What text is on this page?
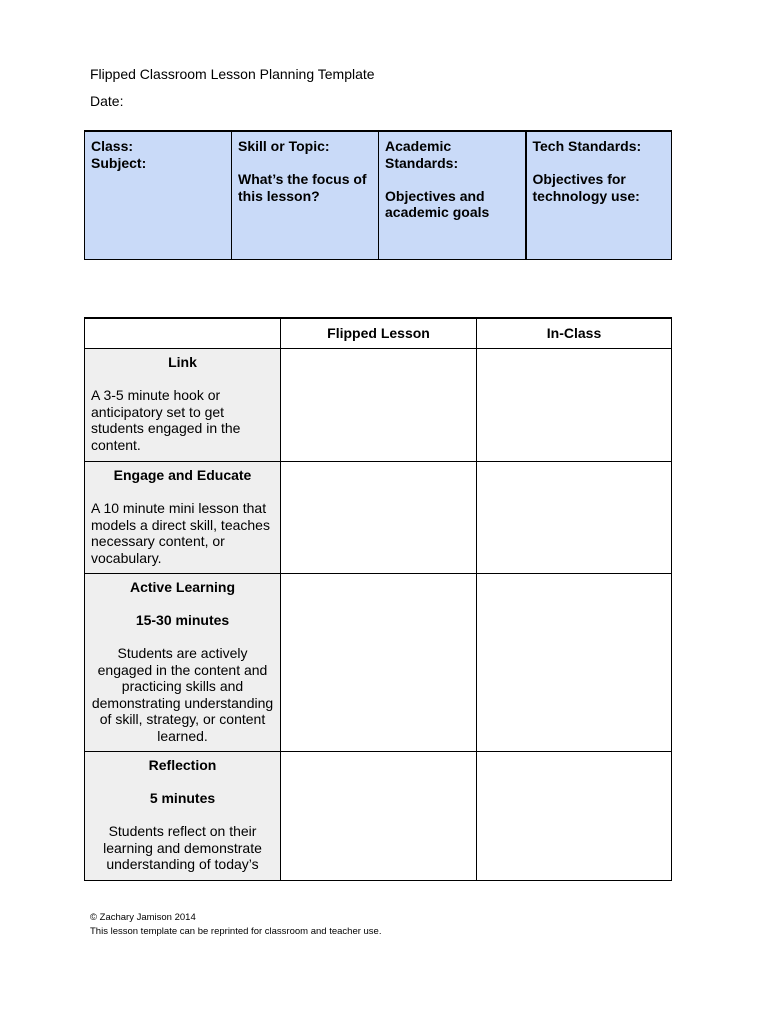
Flipped Classroom Lesson Planning Template
Date:
Class:
Subject:

Skill or Topic:
What’s the focus of this lesson?

Academic Standards:
Objectives and academic goals

Tech Standards:
Objectives for technology use:
	Flipped Lesson	In-Class

Link
A 3-5 minute hook or anticipatory set to get students engaged in the content.		

Engage and Educate
A 10 minute mini lesson that models a direct skill, teaches necessary content, or vocabulary.		

Active Learning
15-30 minutes
Students are actively engaged in the content and practicing skills and demonstrating understanding of skill, strategy, or content learned.		

Reflection
5 minutes
Students reflect on their learning and demonstrate understanding of today’s		

© Zachary Jamison 2014
This lesson template can be reprinted for classroom and teacher use.
